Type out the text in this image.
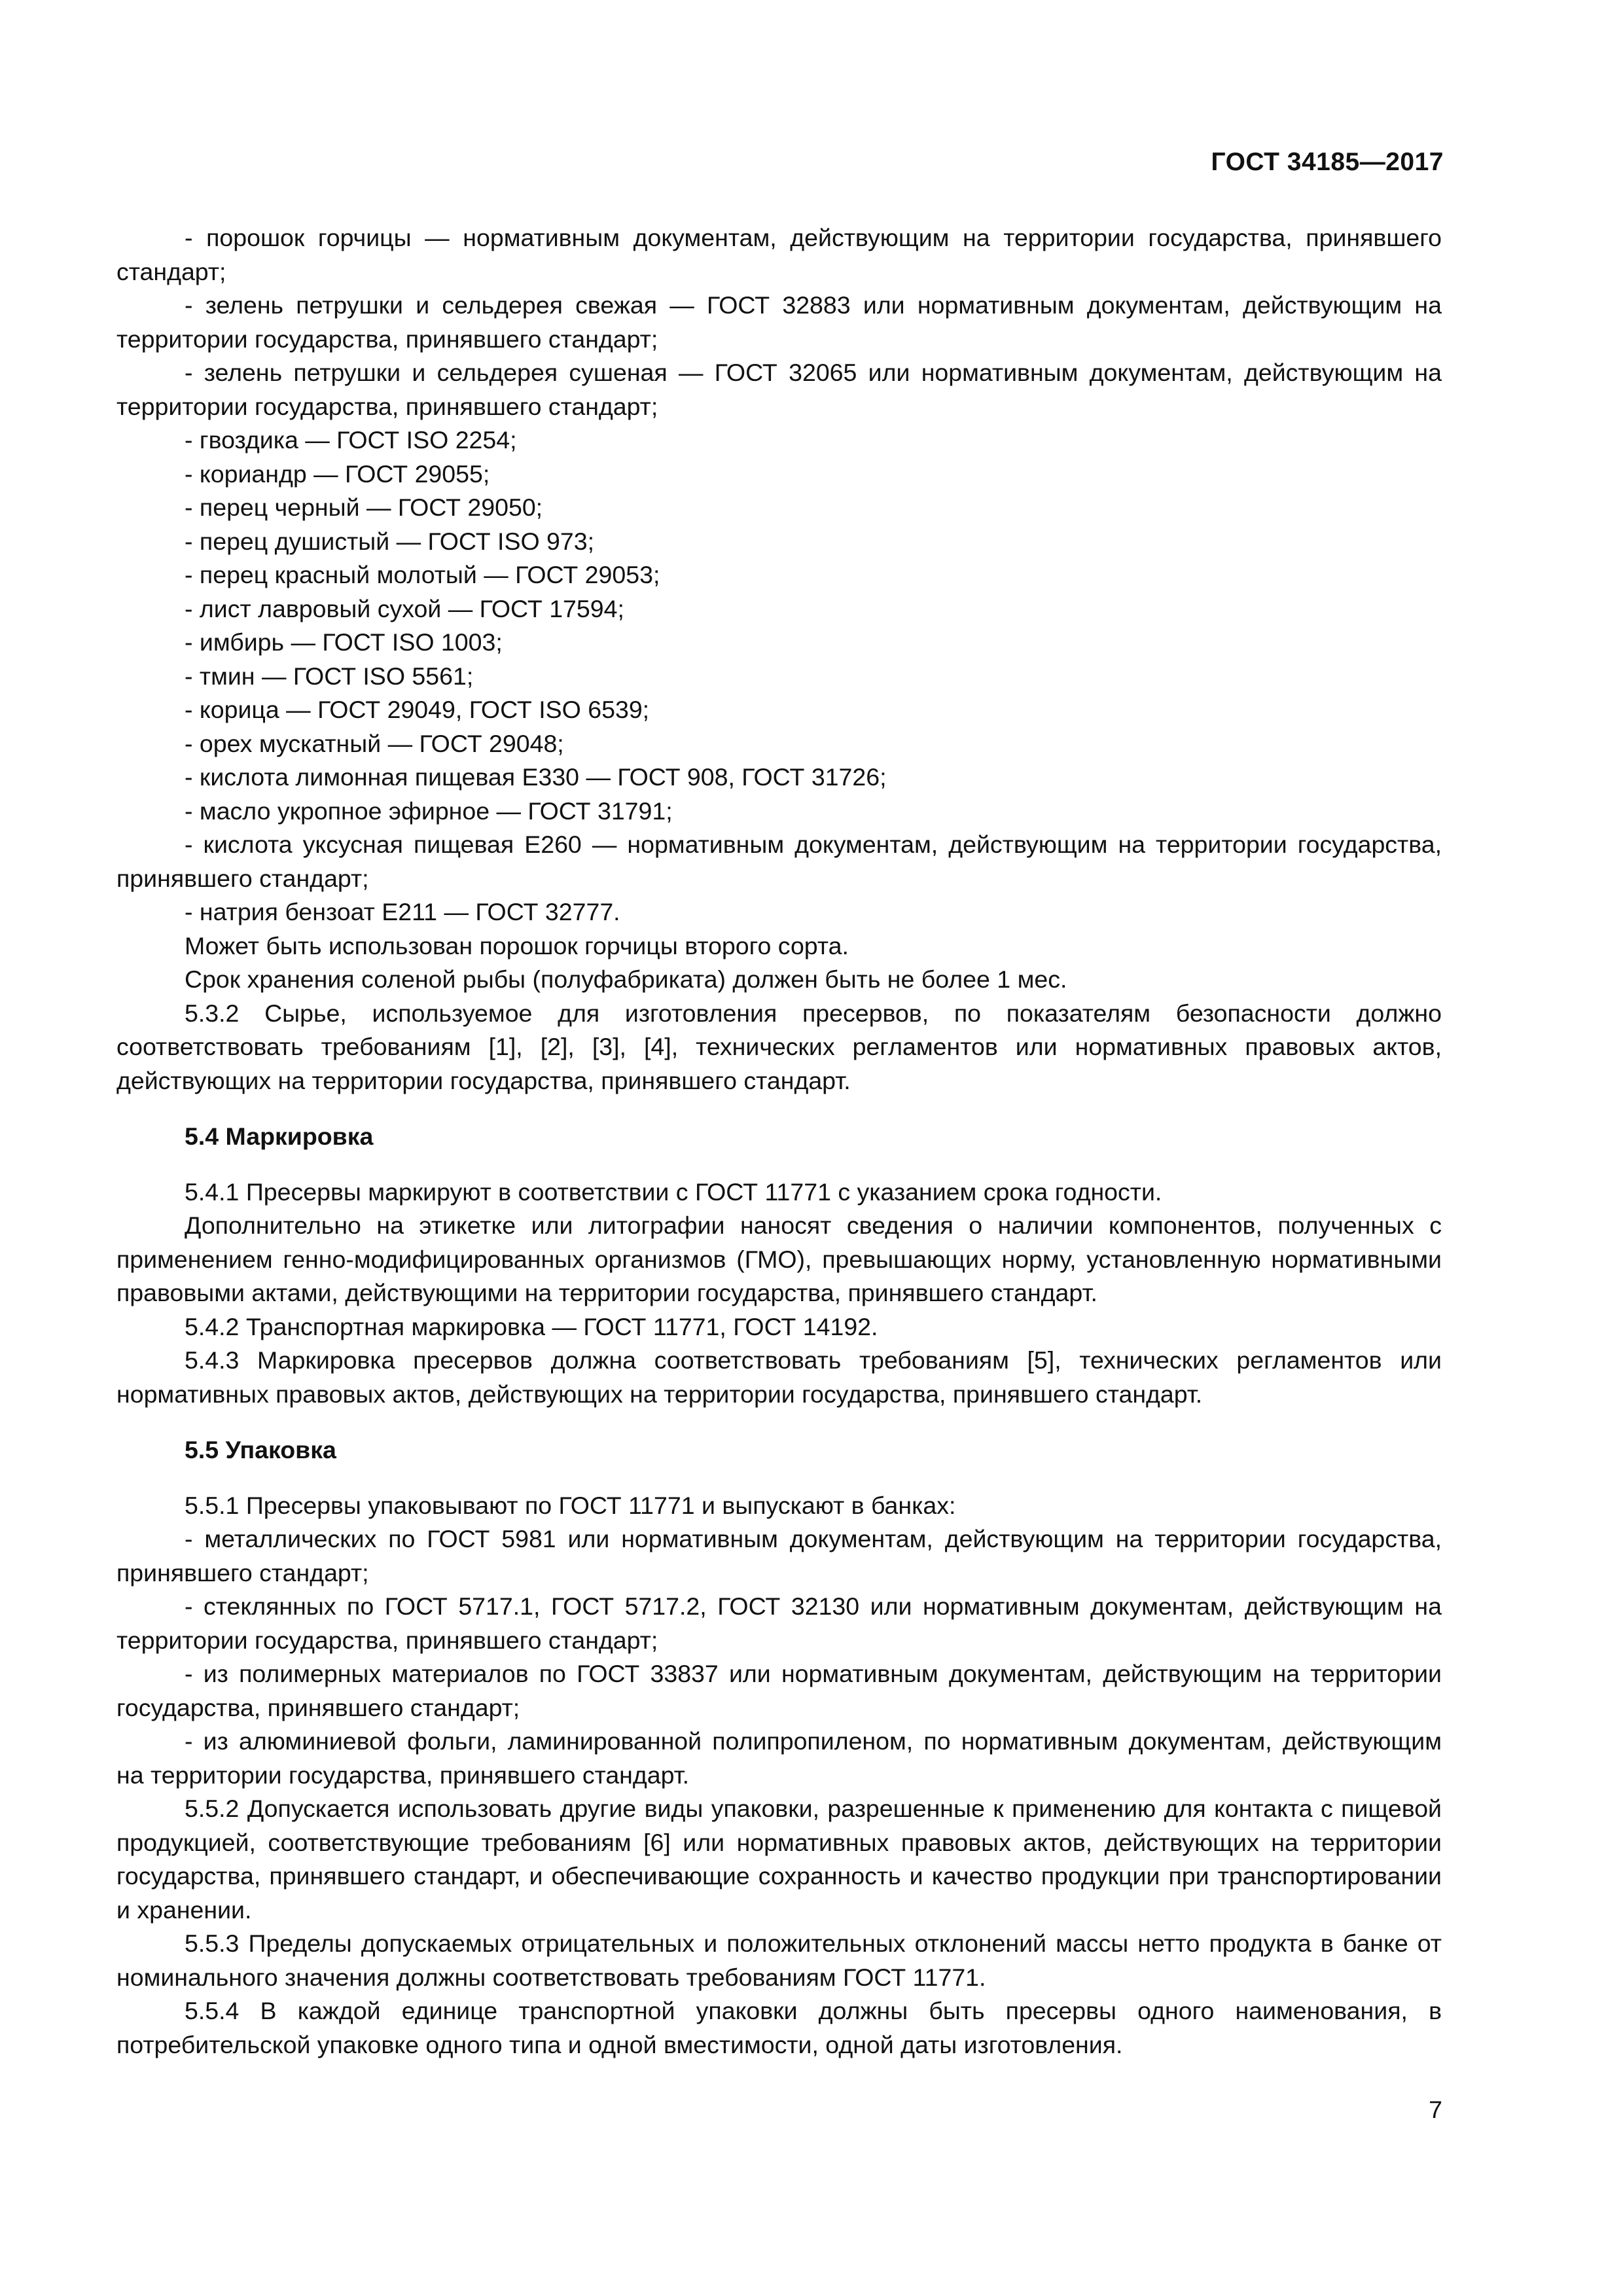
ГОСТ 34185—2017

- порошок горчицы — нормативным документам, действующим на территории государства, принявшего стандарт;

- зелень петрушки и сельдерея свежая — ГОСТ 32883 или нормативным документам, действующим на территории государства, принявшего стандарт;

- зелень петрушки и сельдерея сушеная — ГОСТ 32065 или нормативным документам, действующим на территории государства, принявшего стандарт;

- гвоздика — ГОСТ ISO 2254;

- кориандр — ГОСТ 29055;

- перец черный — ГОСТ 29050;

- перец душистый — ГОСТ ISO 973;

- перец красный молотый — ГОСТ 29053;

- лист лавровый сухой — ГОСТ 17594;

- имбирь — ГОСТ ISO 1003;

- тмин — ГОСТ ISO 5561;

- корица — ГОСТ 29049, ГОСТ ISO 6539;

- орех мускатный — ГОСТ 29048;

- кислота лимонная пищевая Е330 — ГОСТ 908, ГОСТ 31726;

- масло укропное эфирное — ГОСТ 31791;

- кислота уксусная пищевая Е260 — нормативным документам, действующим на территории государства, принявшего стандарт;

- натрия бензоат Е211 — ГОСТ 32777.

Может быть использован порошок горчицы второго сорта.

Срок хранения соленой рыбы (полуфабриката) должен быть не более 1 мес.

5.3.2 Сырье, используемое для изготовления пресервов, по показателям безопасности должно соответствовать требованиям [1], [2], [3], [4], технических регламентов или нормативных правовых актов, действующих на территории государства, принявшего стандарт.

5.4 Маркировка

5.4.1 Пресервы маркируют в соответствии с ГОСТ 11771 с указанием срока годности.

Дополнительно на этикетке или литографии наносят сведения о наличии компонентов, полученных с применением генно-модифицированных организмов (ГМО), превышающих норму, установленную нормативными правовыми актами, действующими на территории государства, принявшего стандарт.

5.4.2 Транспортная маркировка — ГОСТ 11771, ГОСТ 14192.

5.4.3 Маркировка пресервов должна соответствовать требованиям [5], технических регламентов или нормативных правовых актов, действующих на территории государства, принявшего стандарт.

5.5 Упаковка

5.5.1 Пресервы упаковывают по ГОСТ 11771 и выпускают в банках:

- металлических по ГОСТ 5981 или нормативным документам, действующим на территории государства, принявшего стандарт;

- стеклянных по ГОСТ 5717.1, ГОСТ 5717.2, ГОСТ 32130 или нормативным документам, действующим на территории государства, принявшего стандарт;

- из полимерных материалов по ГОСТ 33837 или нормативным документам, действующим на территории государства, принявшего стандарт;

- из алюминиевой фольги, ламинированной полипропиленом, по нормативным документам, действующим на территории государства, принявшего стандарт.

5.5.2 Допускается использовать другие виды упаковки, разрешенные к применению для контакта с пищевой продукцией, соответствующие требованиям [6] или нормативных правовых актов, действующих на территории государства, принявшего стандарт, и обеспечивающие сохранность и качество продукции при транспортировании и хранении.

5.5.3 Пределы допускаемых отрицательных и положительных отклонений массы нетто продукта в банке от номинального значения должны соответствовать требованиям ГОСТ 11771.

5.5.4 В каждой единице транспортной упаковки должны быть пресервы одного наименования, в потребительской упаковке одного типа и одной вместимости, одной даты изготовления.

7
